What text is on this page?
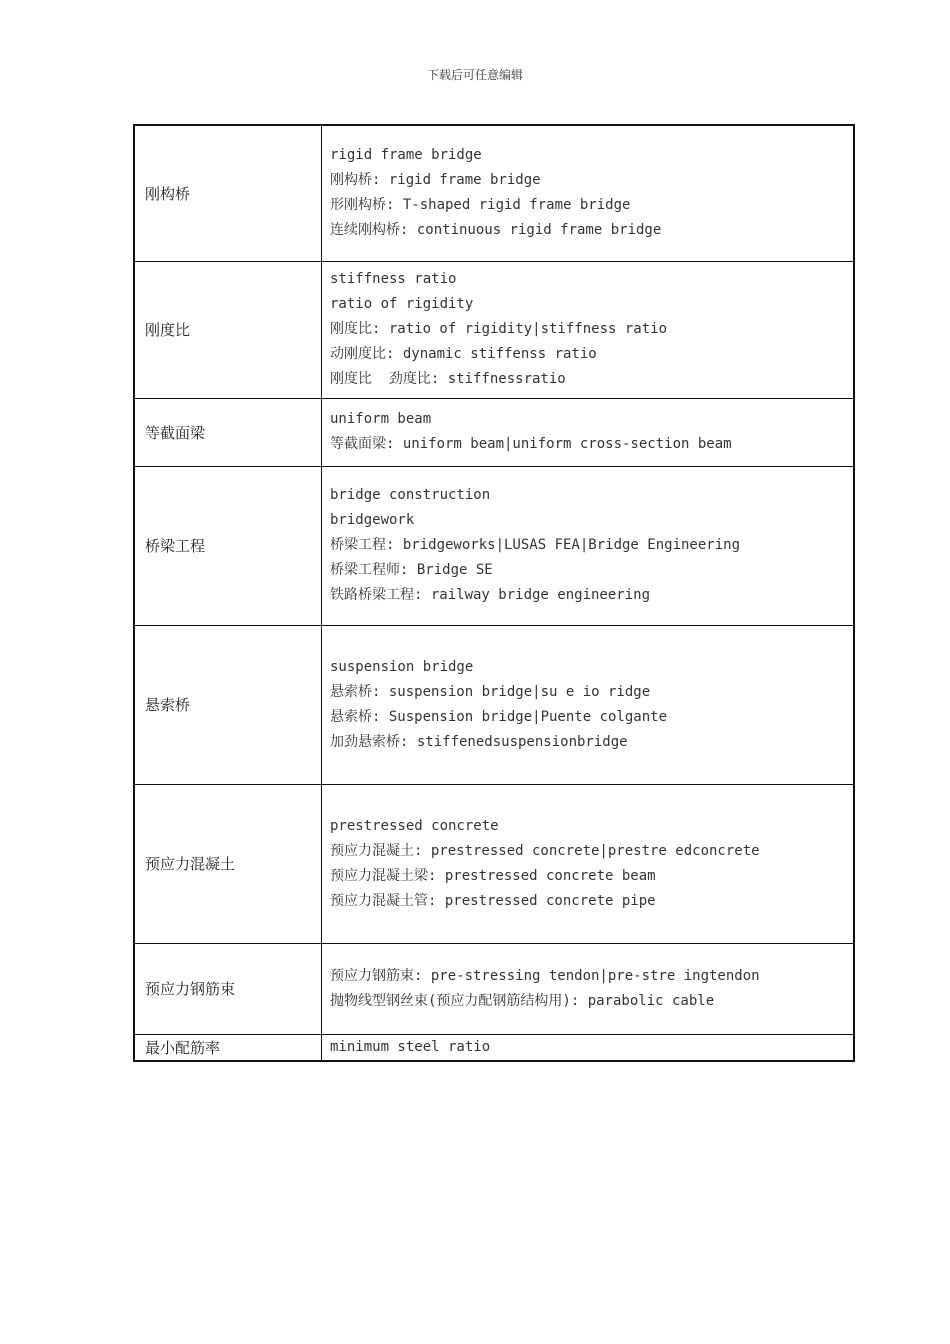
下载后可任意编辑
刚构桥	rigid frame bridge
刚构桥: rigid frame bridge
形刚构桥: T-shaped rigid frame bridge
连续刚构桥: continuous rigid frame bridge

刚度比	stiffness ratio
ratio of rigidity
刚度比: ratio of rigidity|stiffness ratio
动刚度比: dynamic stiffenss ratio
刚度比  劲度比: stiffnessratio

等截面梁	uniform beam
等截面梁: uniform beam|uniform cross-section beam

桥梁工程	bridge construction
bridgework
桥梁工程: bridgeworks|LUSAS FEA|Bridge Engineering
桥梁工程师: Bridge SE
铁路桥梁工程: railway bridge engineering

悬索桥	suspension bridge
悬索桥: suspension bridge|su e io ridge
悬索桥: Suspension bridge|Puente colgante
加劲悬索桥: stiffenedsuspensionbridge

预应力混凝土	prestressed concrete
预应力混凝土: prestressed concrete|prestre edconcrete
预应力混凝土梁: prestressed concrete beam
预应力混凝土管: prestressed concrete pipe

预应力钢筋束	预应力钢筋束: pre-stressing tendon|pre-stre ingtendon
抛物线型钢丝束(预应力配钢筋结构用): parabolic cable

最小配筋率	minimum steel ratio
